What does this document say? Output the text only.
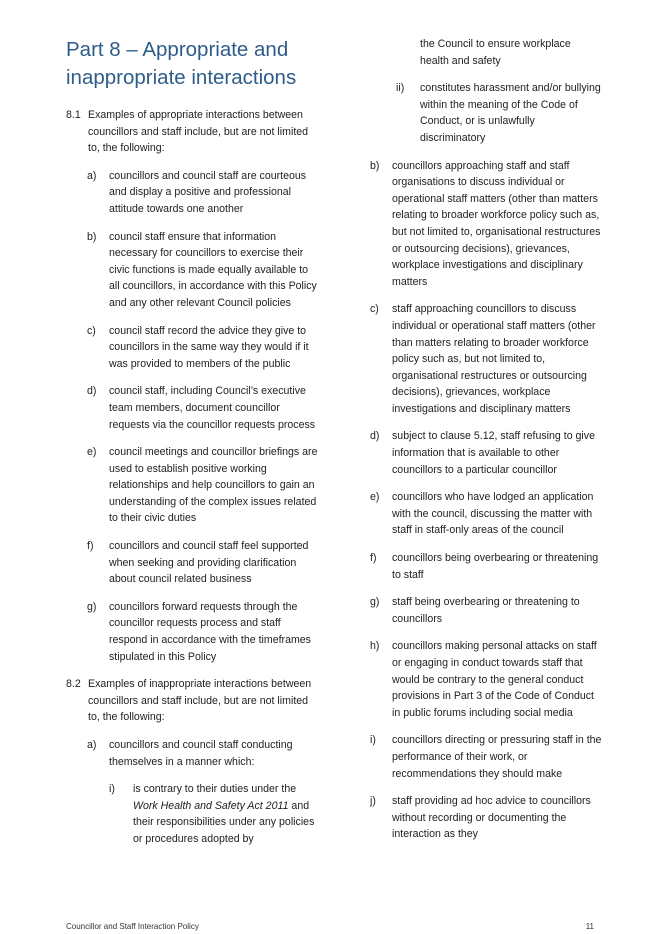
Part 8 – Appropriate and inappropriate interactions
8.1 Examples of appropriate interactions between councillors and staff include, but are not limited to, the following:
a)	councillors and council staff are courteous and display a positive and professional attitude towards one another
b)	council staff ensure that information necessary for councillors to exercise their civic functions is made equally available to all councillors, in accordance with this Policy and any other relevant Council policies
c)	council staff record the advice they give to councillors in the same way they would if it was provided to members of the public
d)	council staff, including Council’s executive team members, document councillor requests via the councillor requests process
e)	council meetings and councillor briefings are used to establish positive working relationships and help councillors to gain an understanding of the complex issues related to their civic duties
f)	councillors and council staff feel supported when seeking and providing clarification about council related business
g)	councillors forward requests through the councillor requests process and staff respond in accordance with the timeframes stipulated in this Policy
8.2 Examples of inappropriate interactions between councillors and staff include, but are not limited to, the following:
a)	councillors and council staff conducting themselves in a manner which:
i)	is contrary to their duties under the Work Health and Safety Act 2011 and their responsibilities under any policies or procedures adopted by
the Council to ensure workplace health and safety
ii)	constitutes harassment and/or bullying within the meaning of the Code of Conduct, or is unlawfully discriminatory
b)	councillors approaching staff and staff organisations to discuss individual or operational staff matters (other than matters relating to broader workforce policy such as, but not limited to, organisational restructures or outsourcing decisions), grievances, workplace investigations and disciplinary matters
c)	staff approaching councillors to discuss individual or operational staff matters (other than matters relating to broader workforce policy such as, but not limited to, organisational restructures or outsourcing decisions), grievances, workplace investigations and disciplinary matters
d)	subject to clause 5.12, staff refusing to give information that is available to other councillors to a particular councillor
e)	councillors who have lodged an application with the council, discussing the matter with staff in staff-only areas of the council
f)	councillors being overbearing or threatening to staff
g)	staff being overbearing or threatening to councillors
h)	councillors making personal attacks on staff or engaging in conduct towards staff that would be contrary to the general conduct provisions in Part 3 of the Code of Conduct in public forums including social media
i)	councillors directing or pressuring staff in the performance of their work, or recommendations they should make
j)	staff providing ad hoc advice to councillors without recording or documenting the interaction as they
Councillor and Staff Interaction Policy	11
